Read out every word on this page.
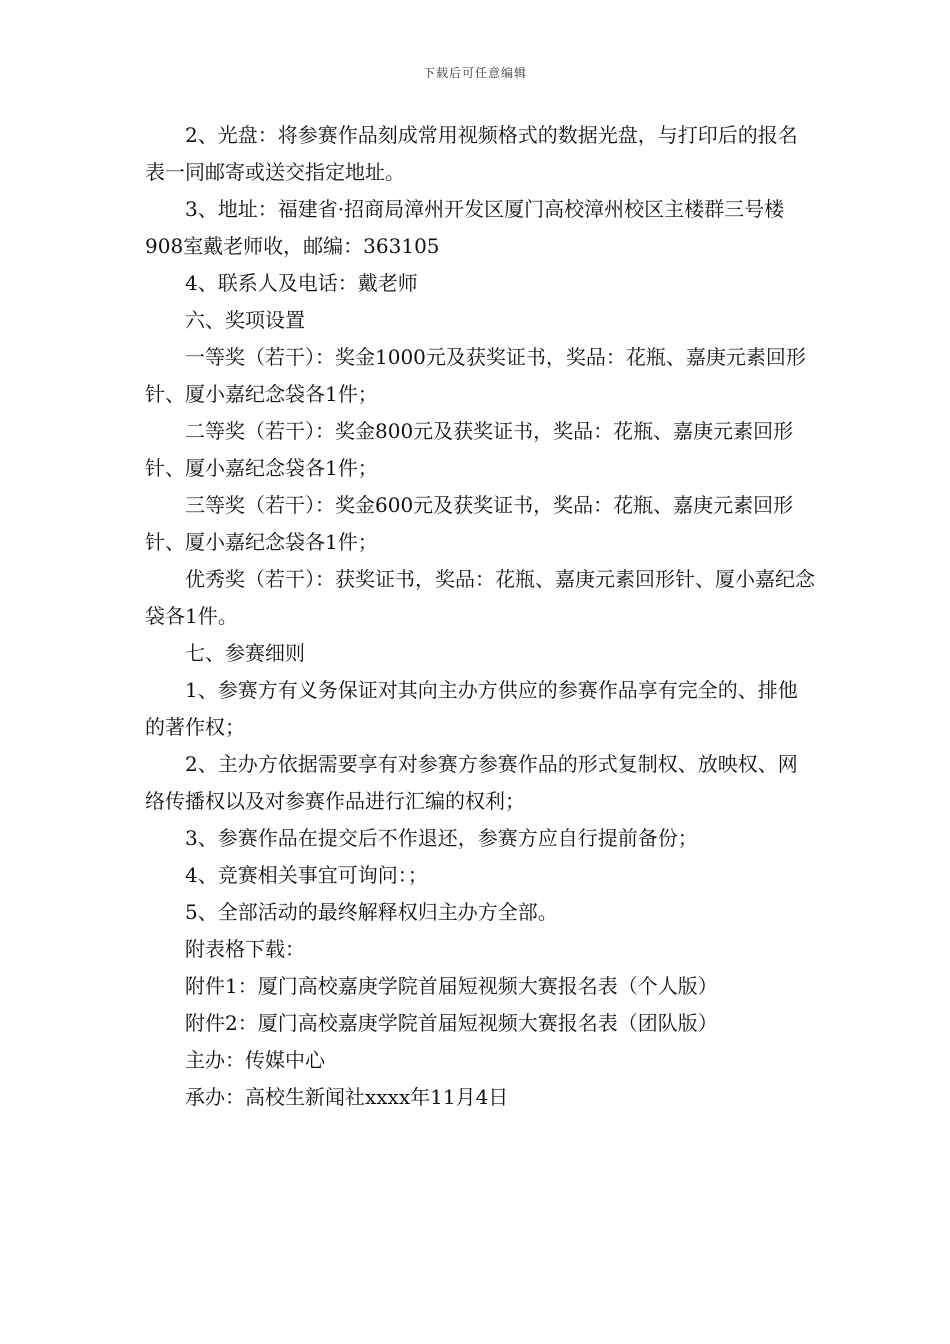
下载后可任意编辑

2、光盘：将参赛作品刻成常用视频格式的数据光盘，与打印后的报名表一同邮寄或送交指定地址。

3、地址：福建省·招商局漳州开发区厦门高校漳州校区主楼群三号楼908室戴老师收，邮编：363105

4、联系人及电话：戴老师

六、奖项设置

一等奖（若干）：奖金1000元及获奖证书，奖品：花瓶、嘉庚元素回形针、厦小嘉纪念袋各1件；

二等奖（若干）：奖金800元及获奖证书，奖品：花瓶、嘉庚元素回形针、厦小嘉纪念袋各1件；

三等奖（若干）：奖金600元及获奖证书，奖品：花瓶、嘉庚元素回形针、厦小嘉纪念袋各1件；

优秀奖（若干）：获奖证书，奖品：花瓶、嘉庚元素回形针、厦小嘉纪念袋各1件。

七、参赛细则

1、参赛方有义务保证对其向主办方供应的参赛作品享有完全的、排他的著作权；

2、主办方依据需要享有对参赛方参赛作品的形式复制权、放映权、网络传播权以及对参赛作品进行汇编的权利；

3、参赛作品在提交后不作退还，参赛方应自行提前备份；

4、竞赛相关事宜可询问：；

5、全部活动的最终解释权归主办方全部。

附表格下载：

附件1：厦门高校嘉庚学院首届短视频大赛报名表（个人版）

附件2：厦门高校嘉庚学院首届短视频大赛报名表（团队版）

主办：传媒中心

承办：高校生新闻社xxxx年11月4日
